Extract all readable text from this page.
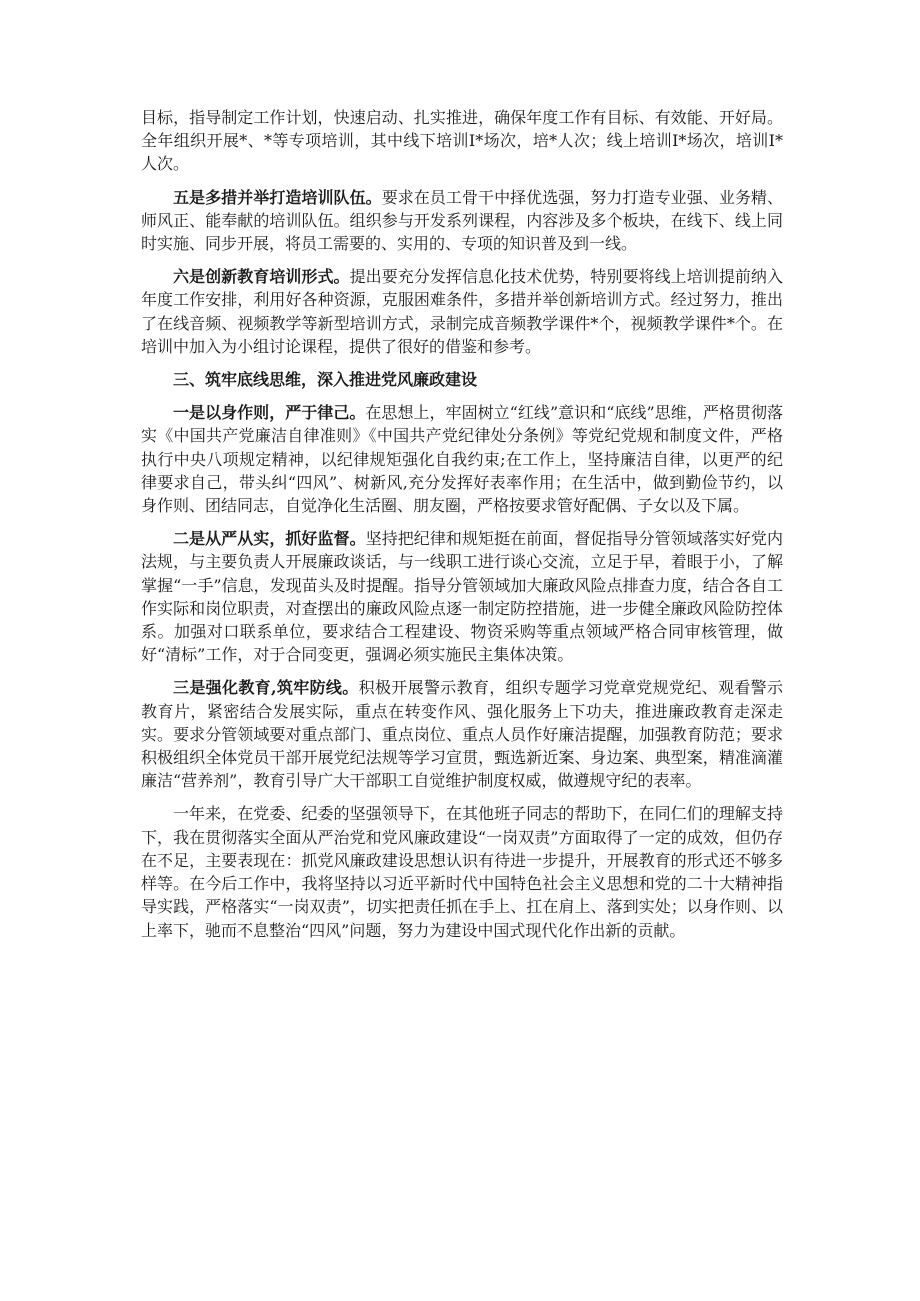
目标，指导制定工作计划，快速启动、扎实推进，确保年度工作有目标、有效能、开好局。全年组织开展*、*等专项培训，其中线下培训I*场次，培*人次；线上培训I*场次，培训I*人次。

五是多措并举打造培训队伍。要求在员工骨干中择优选强，努力打造专业强、业务精、师风正、能奉献的培训队伍。组织参与开发系列课程，内容涉及多个板块，在线下、线上同时实施、同步开展，将员工需要的、实用的、专项的知识普及到一线。

六是创新教育培训形式。提出要充分发挥信息化技术优势，特别要将线上培训提前纳入年度工作安排，利用好各种资源，克服困难条件，多措并举创新培训方式。经过努力，推出了在线音频、视频教学等新型培训方式，录制完成音频教学课件*个，视频教学课件*个。在培训中加入为小组讨论课程，提供了很好的借鉴和参考。

三、筑牢底线思维，深入推进党风廉政建设

一是以身作则，严于律己。在思想上，牢固树立“红线”意识和“底线”思维，严格贯彻落实《中国共产党廉洁自律准则》《中国共产党纪律处分条例》等党纪党规和制度文件，严格执行中央八项规定精神，以纪律规矩强化自我约束;在工作上，坚持廉洁自律，以更严的纪律要求自己，带头纠“四风”、树新风,充分发挥好表率作用；在生活中，做到勤俭节约，以身作则、团结同志，自觉净化生活圈、朋友圈，严格按要求管好配偶、子女以及下属。

二是从严从实，抓好监督。坚持把纪律和规矩挺在前面，督促指导分管领域落实好党内法规，与主要负责人开展廉政谈话，与一线职工进行谈心交流，立足于早，着眼于小，了解掌握“一手”信息，发现苗头及时提醒。指导分管领域加大廉政风险点排查力度，结合各自工作实际和岗位职责，对查摆出的廉政风险点逐一制定防控措施，进一步健全廉政风险防控体系。加强对口联系单位，要求结合工程建设、物资采购等重点领域严格合同审核管理，做好“清标”工作，对于合同变更，强调必须实施民主集体决策。

三是强化教育,筑牢防线。积极开展警示教育，组织专题学习党章党规党纪、观看警示教育片，紧密结合发展实际，重点在转变作风、强化服务上下功夫，推进廉政教育走深走实。要求分管领域要对重点部门、重点岗位、重点人员作好廉洁提醒，加强教育防范；要求积极组织全体党员干部开展党纪法规等学习宣贯，甄选新近案、身边案、典型案，精准滴灌廉洁“营养剂”，教育引导广大干部职工自觉维护制度权威，做遵规守纪的表率。

一年来，在党委、纪委的坚强领导下，在其他班子同志的帮助下，在同仁们的理解支持下，我在贯彻落实全面从严治党和党风廉政建设“一岗双责”方面取得了一定的成效，但仍存在不足，主要表现在：抓党风廉政建设思想认识有待进一步提升，开展教育的形式还不够多样等。在今后工作中，我将坚持以习近平新时代中国特色社会主义思想和党的二十大精神指导实践，严格落实“一岗双责”，切实把责任抓在手上、扛在肩上、落到实处；以身作则、以上率下，驰而不息整治“四风”问题，努力为建设中国式现代化作出新的贡献。
